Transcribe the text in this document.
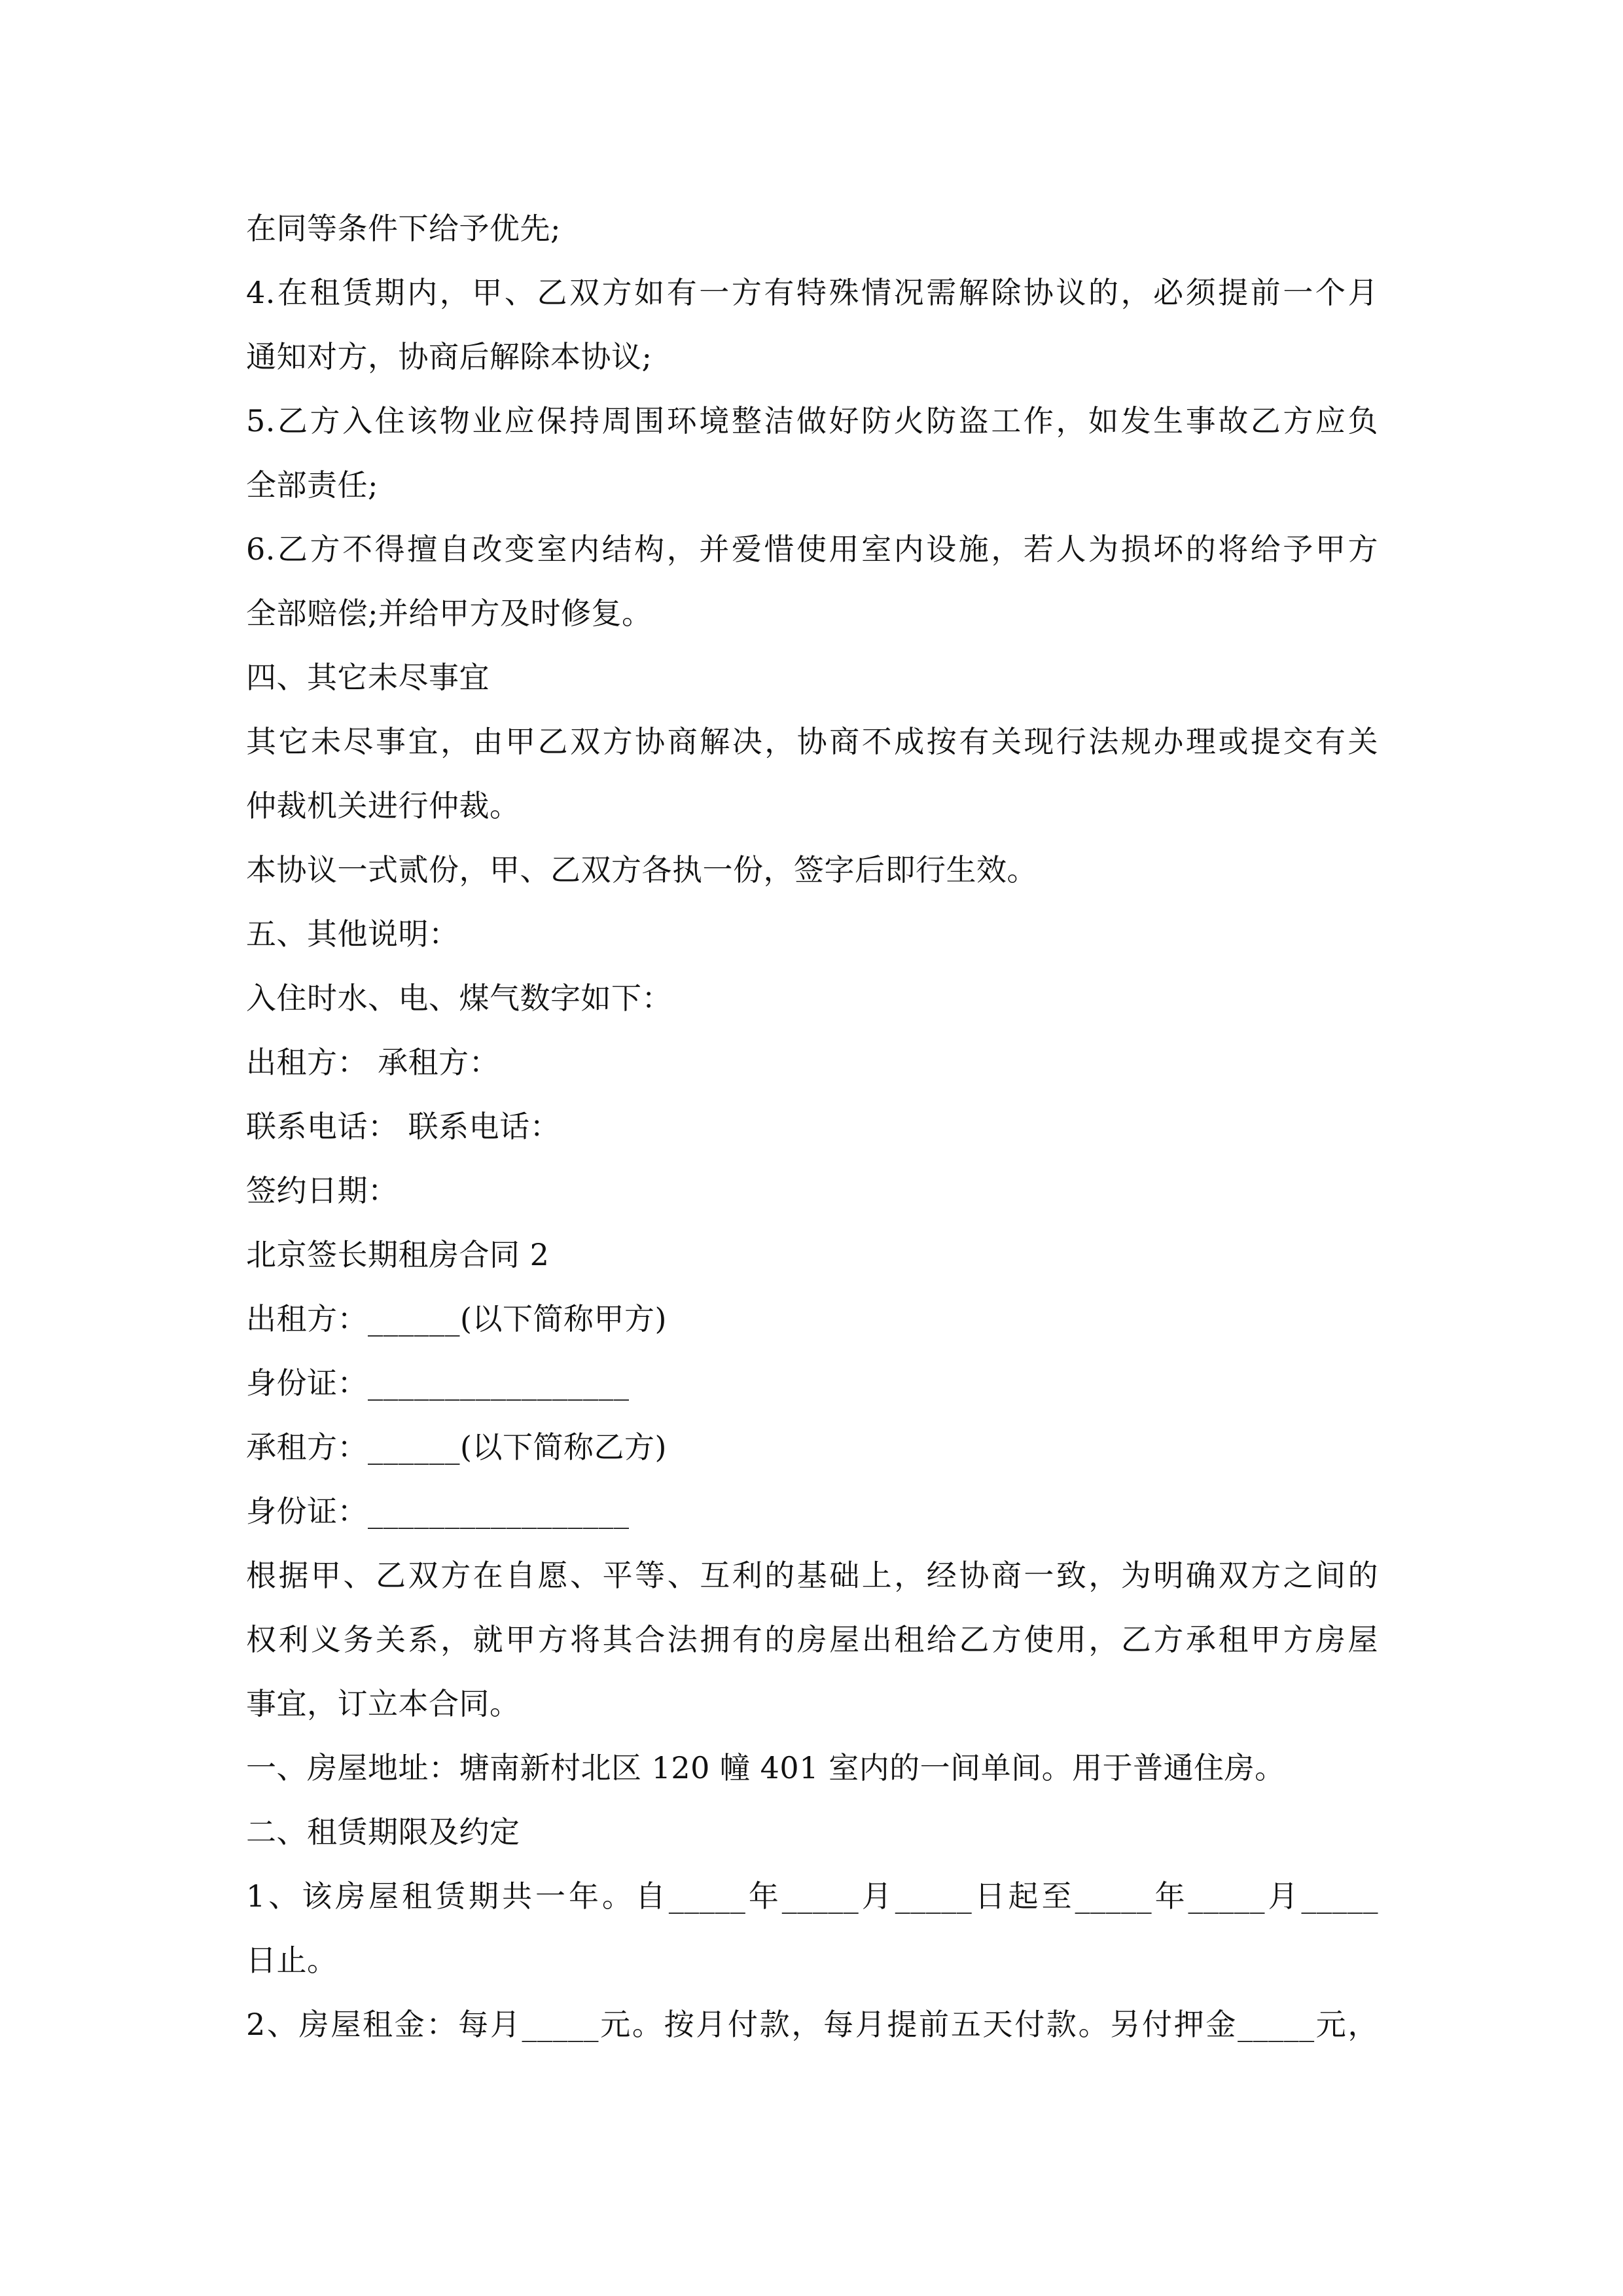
在同等条件下给予优先;
4.在租赁期内，甲、乙双方如有一方有特殊情况需解除协议的，必须提前一个月
通知对方，协商后解除本协议;
5.乙方入住该物业应保持周围环境整洁做好防火防盗工作，如发生事故乙方应负
全部责任;
6.乙方不得擅自改变室内结构，并爱惜使用室内设施，若人为损坏的将给予甲方
全部赔偿;并给甲方及时修复。
四、其它未尽事宜
其它未尽事宜，由甲乙双方协商解决，协商不成按有关现行法规办理或提交有关
仲裁机关进行仲裁。
本协议一式贰份，甲、乙双方各执一份，签字后即行生效。
五、其他说明：
入住时水、电、煤气数字如下：
出租方： 承租方：
联系电话： 联系电话：
签约日期：
北京签长期租房合同 2
出租方：______(以下简称甲方)
身份证：_________________
承租方：______(以下简称乙方)
身份证：_________________
根据甲、乙双方在自愿、平等、互利的基础上，经协商一致，为明确双方之间的
权利义务关系，就甲方将其合法拥有的房屋出租给乙方使用，乙方承租甲方房屋
事宜，订立本合同。
一、房屋地址：塘南新村北区 120 幢 401 室内的一间单间。用于普通住房。
二、租赁期限及约定
1、该房屋租赁期共一年。自_____年_____月_____日起至_____年_____月_____
日止。
2、房屋租金：每月_____元。按月付款，每月提前五天付款。另付押金_____元，
